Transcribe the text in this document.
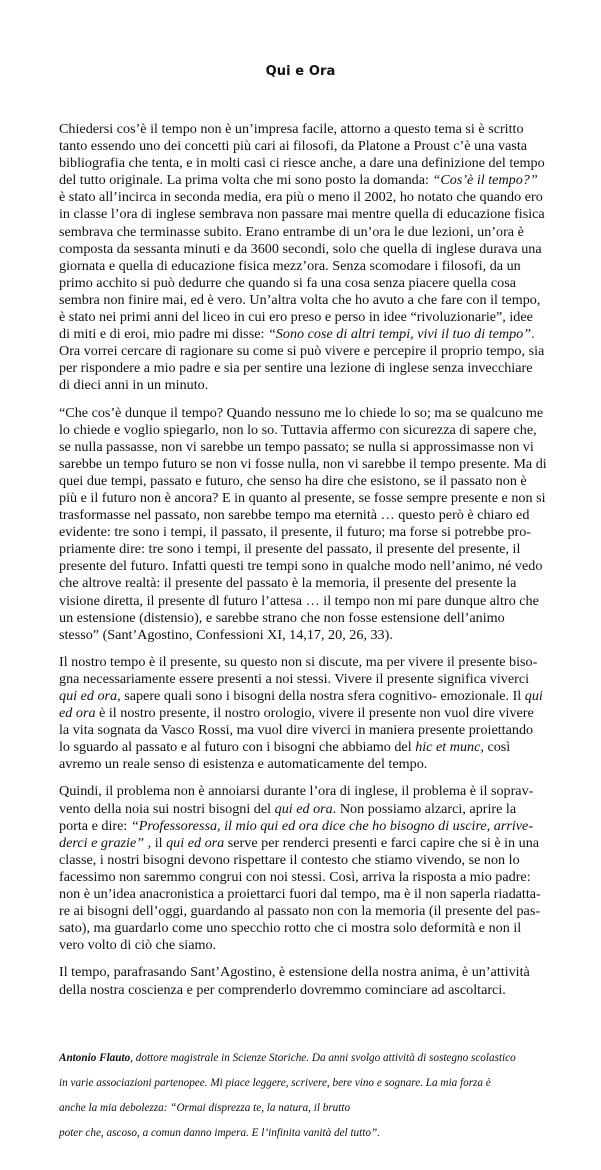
Qui e Ora

Chiedersi cos’è il tempo non è un’impresa facile, attorno a questo tema si è scritto tanto essendo uno dei concetti più cari ai filosofi, da Platone a Proust c’è una vasta bibliografia che tenta, e in molti casi ci riesce anche, a dare una definizione del tempo del tutto originale. La prima volta che mi sono posto la domanda: “Cos’è il tempo?” è stato all’incirca in seconda media, era più o meno il 2002, ho notato che quando ero in classe l’ora di inglese sembrava non passare mai mentre quella di educazione fisica sembrava che terminasse subito. Erano entrambe di un’ora le due lezioni, un’ora è composta da sessanta minuti e da 3600 secondi, solo che quella di inglese durava una giornata e quella di educazione fisica mezz’ora. Senza scomodare i filosofi, da un primo acchito si può dedurre che quando si fa una cosa senza piacere quella cosa sembra non finire mai, ed è vero. Un’altra volta che ho avuto a che fare con il tempo, è stato nei primi anni del liceo in cui ero preso e perso in idee “rivoluzionarie”, idee di miti e di eroi, mio padre mi disse: “Sono cose di altri tempi, vivi il tuo di tempo”. Ora vorrei cercare di ragionare su come si può vivere e percepire il proprio tempo, sia per rispondere a mio padre e sia per sentire una lezione di inglese senza invecchiare di dieci anni in un minuto.

“Che cos’è dunque il tempo? Quando nessuno me lo chiede lo so; ma se qualcuno me lo chiede e voglio spiegarlo, non lo so. Tuttavia affermo con sicurezza di sapere che, se nulla passasse, non vi sarebbe un tempo passato; se nulla si approssimasse non vi sarebbe un tempo futuro se non vi fosse nulla, non vi sarebbe il tempo presente. Ma di quei due tempi, passato e futuro, che senso ha dire che esistono, se il passato non è più e il futuro non è ancora? E in quanto al presente, se fosse sempre presente e non si trasformasse nel passato, non sarebbe tempo ma eternità … questo però è chiaro ed evidente: tre sono i tempi, il passato, il presente, il futuro; ma forse si potrebbe pro-priamente dire: tre sono i tempi, il presente del passato, il presente del presente, il presente del futuro. Infatti questi tre tempi sono in qualche modo nell’animo, né vedo che altrove realtà: il presente del passato è la memoria, il presente del presente la visione diretta, il presente dl futuro l’attesa … il tempo non mi pare dunque altro che un estensione (distensio), e sarebbe strano che non fosse estensione dell’animo stesso” (Sant’Agostino, Confessioni XI, 14,17, 20, 26, 33).

Il nostro tempo è il presente, su questo non si discute, ma per vivere il presente biso-gna necessariamente essere presenti a noi stessi. Vivere il presente significa viverci qui ed ora, sapere quali sono i bisogni della nostra sfera cognitivo- emozionale. Il qui ed ora è il nostro presente, il nostro orologio, vivere il presente non vuol dire vivere la vita sognata da Vasco Rossi, ma vuol dire viverci in maniera presente proiettando lo sguardo al passato e al futuro con i bisogni che abbiamo del hic et munc, così avremo un reale senso di esistenza e automaticamente del tempo.

Quindi, il problema non è annoiarsi durante l’ora di inglese, il problema è il soprav-vento della noia sui nostri bisogni del qui ed ora. Non possiamo alzarci, aprire la porta e dire: “Professoressa, il mio qui ed ora dice che ho bisogno di uscire, arrive-derci e grazie” , il qui ed ora serve per renderci presenti e farci capire che si è in una classe, i nostri bisogni devono rispettare il contesto che stiamo vivendo, se non lo facessimo non saremmo congrui con noi stessi. Così, arriva la risposta a mio padre: non è un’idea anacronistica a proiettarci fuori dal tempo, ma è il non saperla riadatta-re ai bisogni dell’oggi, guardando al passato non con la memoria (il presente del pas-sato), ma guardarlo come uno specchio rotto che ci mostra solo deformità e non il vero volto di ciò che siamo.

Il tempo, parafrasando Sant’Agostino, è estensione della nostra anima, è un’attività della nostra coscienza e per comprenderlo dovremmo cominciare ad ascoltarci.

Antonio Flauto, dottore magistrale in Scienze Storiche. Da anni svolgo attività di sostegno scolastico
in varie associazioni partenopee. Mi piace leggere, scrivere, bere vino e sognare. La mia forza è
anche la mia debolezza: “Ormai disprezza te, la natura, il brutto
poter che, ascoso, a comun danno impera. E l’infinita vanità del tutto”.
